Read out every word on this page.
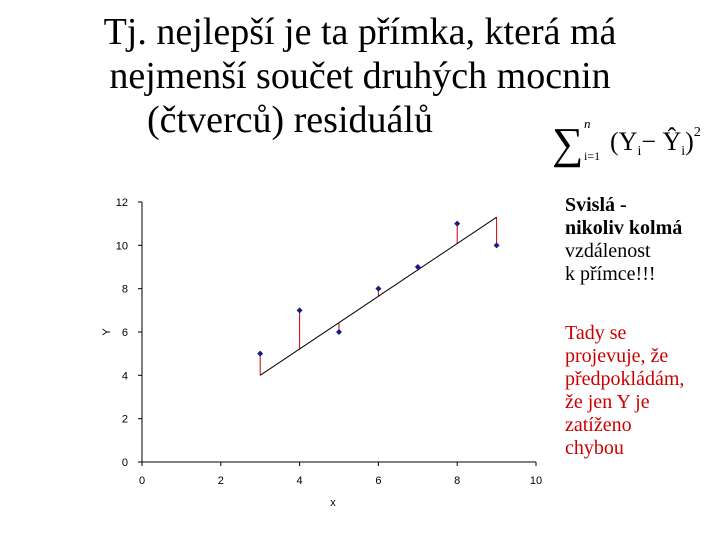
Tj. nejlepší je ta přímka, která má
nejmenší součet druhých mocnin
(čtverců) residuálů	∑ n
i=1 (Yi− Ŷi)$^2$
Svislá -
nikoliv kolmá
vzdálenost
k přímce!!!
Tady se
projevuje, že
předpokládám,
že jen Y je
zatíženo
chybou
0
2
4
6
8
10
12
0	2	4	6	8	10
x
Y
